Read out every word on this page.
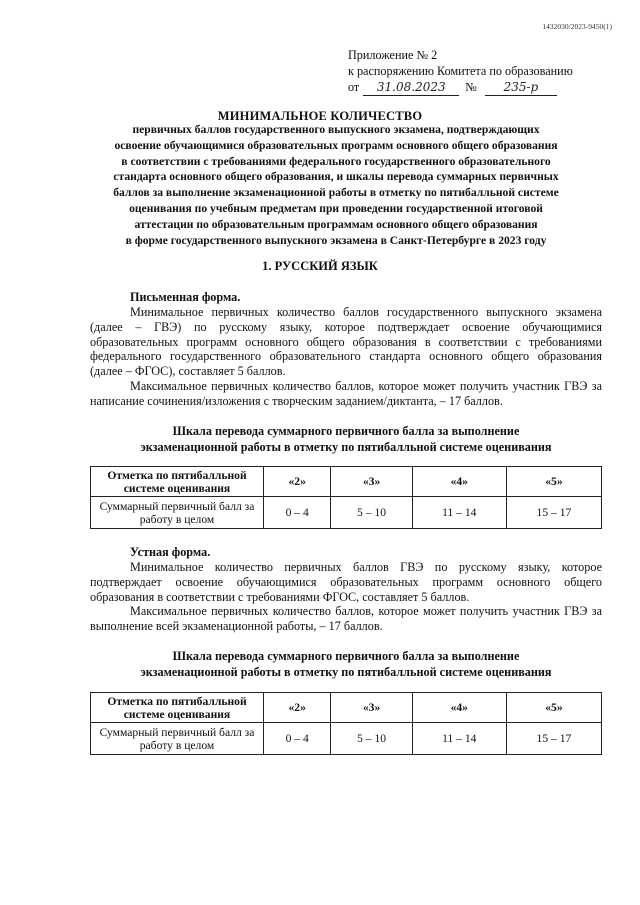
1432030/2023-9450(1)
Приложение № 2
к распоряжению Комитета по образованию
от	31.08.2023	№	235-р
МИНИМАЛЬНОЕ КОЛИЧЕСТВО
первичных баллов государственного выпускного экзамена, подтверждающих
освоение обучающимися образовательных программ основного общего образования
в соответствии с требованиями федерального государственного образовательного
стандарта основного общего образования, и шкалы перевода суммарных первичных
баллов за выполнение экзаменационной работы в отметку по пятибалльной системе
оценивания по учебным предметам при проведении государственной итоговой
аттестации по образовательным программам основного общего образования
в форме государственного выпускного экзамена в Санкт-Петербурге в 2023 году
1. РУССКИЙ ЯЗЫК
Письменная форма.

Минимальное первичных количество баллов государственного выпускного экзамена (далее – ГВЭ) по русскому языку, которое подтверждает освоение обучающимися образовательных программ основного общего образования в соответствии с требованиями федерального государственного образовательного стандарта основного общего образования (далее – ФГОС), составляет 5 баллов.

Максимальное первичных количество баллов, которое может получить участник ГВЭ за написание сочинения/изложения с творческим заданием/диктанта, – 17 баллов.

Шкала перевода суммарного первичного балла за выполнение
экзаменационной работы в отметку по пятибалльной системе оценивания
Отметка по пятибалльной системе оценивания	«2»	«3»	«4»	«5»
Суммарный первичный балл за работу в целом	0 – 4	5 – 10	11 – 14	15 – 17
Устная форма.

Минимальное количество первичных баллов ГВЭ по русскому языку, которое подтверждает освоение обучающимися образовательных программ основного общего образования в соответствии с требованиями ФГОС, составляет 5 баллов.

Максимальное первичных количество баллов, которое может получить участник ГВЭ за выполнение всей экзаменационной работы, – 17 баллов.

Шкала перевода суммарного первичного балла за выполнение
экзаменационной работы в отметку по пятибалльной системе оценивания
Отметка по пятибалльной системе оценивания	«2»	«3»	«4»	«5»
Суммарный первичный балл за работу в целом	0 – 4	5 – 10	11 – 14	15 – 17
